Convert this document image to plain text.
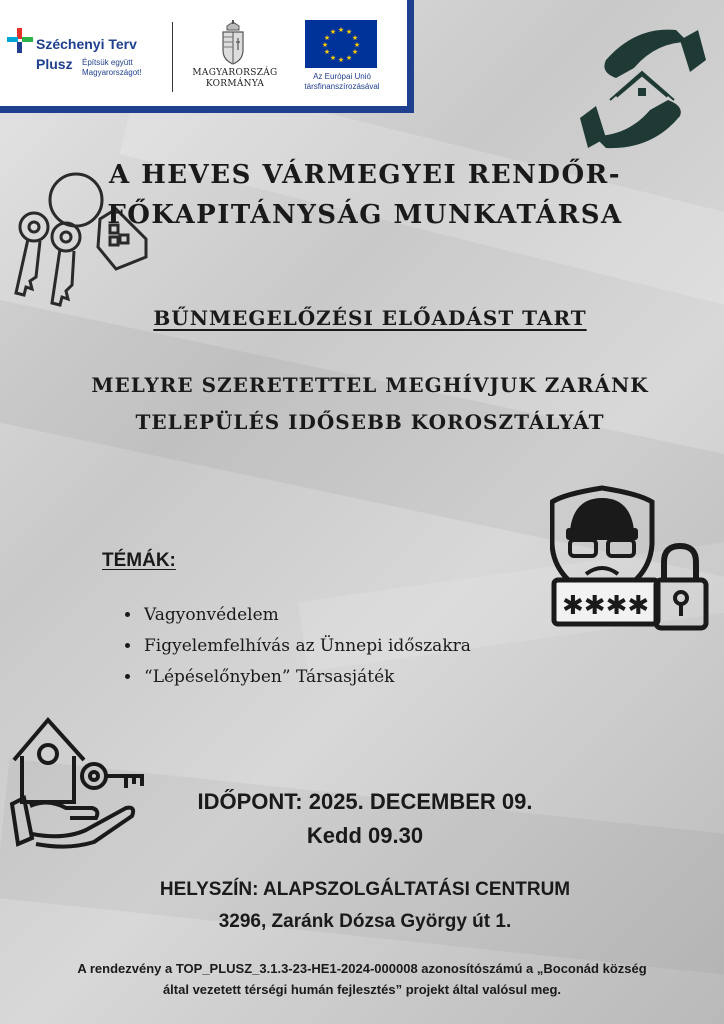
Széchenyi Terv
Plusz Építsük együtt Magyarországot!	MAGYARORSZÁG KORMÁNYA
★ ★
★
★
★
★
★
★
★
★
★
★
Az Európai Unió társfinanszírozásával
A HEVES VÁRMEGYEI RENDŐR-FŐKAPITÁNYSÁG MUNKATÁRSA
BŰNMEGELŐZÉSI ELŐADÁST TART
MELYRE SZERETETTEL MEGHÍVJUK ZARÁNK TELEPÜLÉS IDŐSEBB KOROSZTÁLYÁT
✱✱✱✱
TÉMÁK:
• Vagyonvédelem
• Figyelemfelhívás az Ünnepi időszakra
• “Lépéselőnyben” Társasjáték
IDŐPONT: 2025. DECEMBER 09.
Kedd 09.30
HELYSZÍN: ALAPSZOLGÁLTATÁSI CENTRUM
3296, Zaránk Dózsa György út 1.
A rendezvény a TOP_PLUSZ_3.1.3-23-HE1-2024-000008 azonosítószámú a „Boconád község
által vezetett térségi humán fejlesztés” projekt által valósul meg.
